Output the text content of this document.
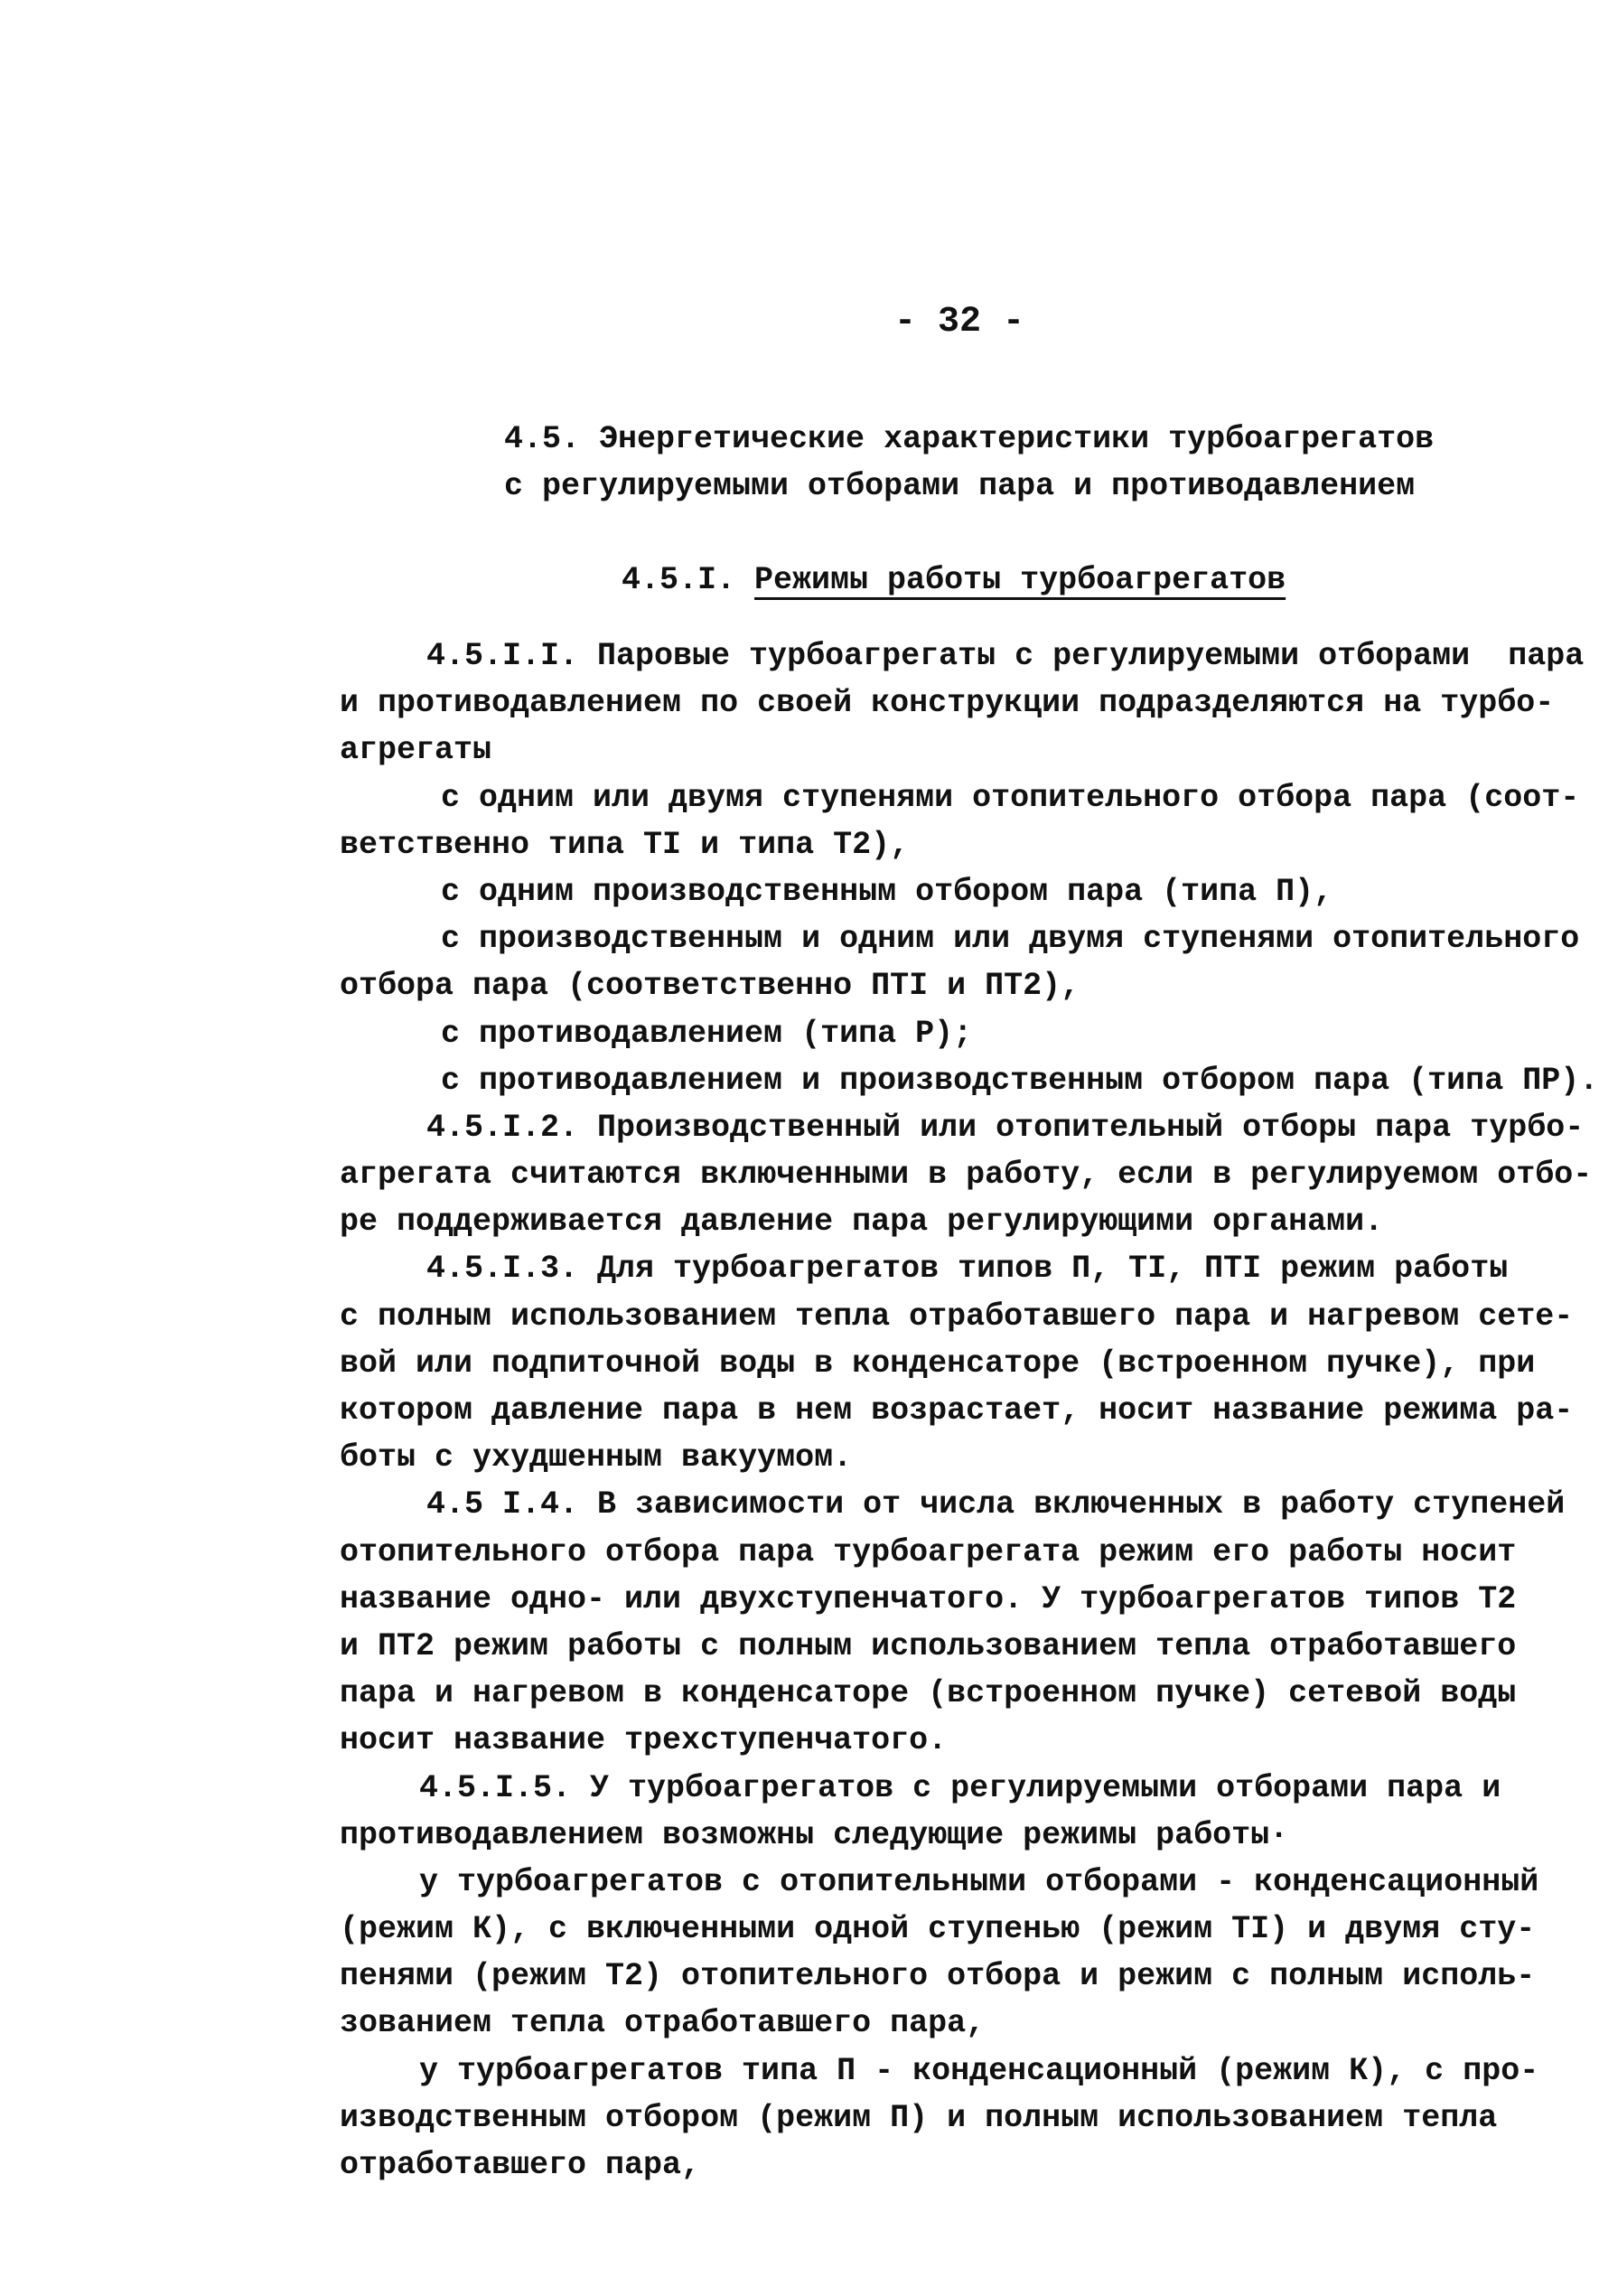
- 32 -
4.5. Энергетические характеристики турбоагрегатов
с регулируемыми отборами пара и противодавлением
4.5.I. Режимы работы турбоагрегатов
4.5.I.I. Паровые турбоагрегаты с регулируемыми отборами  пара
и противодавлением по своей конструкции подразделяются на турбо-
агрегаты
с одним или двумя ступенями отопительного отбора пара (соот-
ветственно типа TI и типа T2),
с одним производственным отбором пара (типа П),
с производственным и одним или двумя ступенями отопительного
отбора пара (соответственно ПТI и ПТ2),
с противодавлением (типа Р);
с противодавлением и производственным отбором пара (типа ПР).
4.5.I.2. Производственный или отопительный отборы пара турбо-
агрегата считаются включенными в работу, если в регулируемом отбо-
ре поддерживается давление пара регулирующими органами.
4.5.I.3. Для турбоагрегатов типов П, TI, ПТI режим работы
с полным использованием тепла отработавшего пара и нагревом сете-
вой или подпиточной воды в конденсаторе (встроенном пучке), при
котором давление пара в нем возрастает, носит название режима ра-
боты с ухудшенным вакуумом.
4.5 I.4. В зависимости от числа включенных в работу ступеней
отопительного отбора пара турбоагрегата режим его работы носит
название одно- или двухступенчатого. У турбоагрегатов типов T2
и ПТ2 режим работы с полным использованием тепла отработавшего
пара и нагревом в конденсаторе (встроенном пучке) сетевой воды
носит название трехступенчатого.
4.5.I.5. У турбоагрегатов с регулируемыми отборами пара и
противодавлением возможны следующие режимы работы·
у турбоагрегатов с отопительными отборами - конденсационный
(режим К), с включенными одной ступенью (режим TI) и двумя сту-
пенями (режим T2) отопительного отбора и режим с полным исполь-
зованием тепла отработавшего пара,
у турбоагрегатов типа П - конденсационный (режим К), с про-
изводственным отбором (режим П) и полным использованием тепла
отработавшего пара,
